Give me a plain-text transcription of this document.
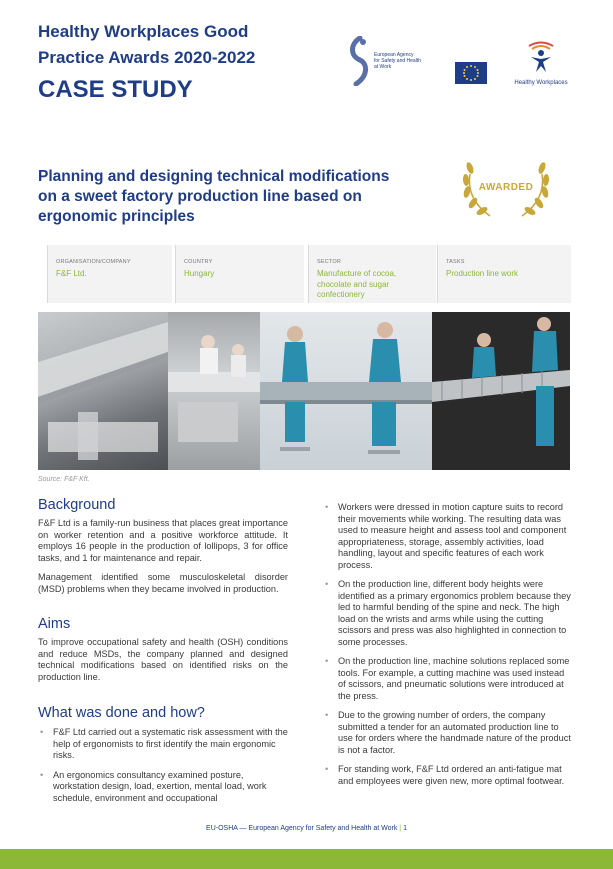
Healthy Workplaces Good
Practice Awards 2020-2022
CASE STUDY
European Agency
for Safety and Health
at Work
Healthy Workplaces
Planning and designing technical modifications
on a sweet factory production line based on
ergonomic principles
AWARDED
ORGANISATION/COMPANY
F&F Ltd.
COUNTRY
Hungary
SECTOR
Manufacture of cocoa, chocolate and sugar confectionery
TASKS
Production line work
Source: F&F Kft.
Background
F&F Ltd is a family-run business that places great importance on worker retention and a positive workforce attitude. It employs 16 people in the production of lollipops, 3 for office tasks, and 1 for maintenance and repair.
Management identified some musculoskeletal disorder (MSD) problems when they became involved in production.
Aims
To improve occupational safety and health (OSH) conditions and reduce MSDs, the company planned and designed technical modifications based on identified risks on the production line.
What was done and how?
• F&F Ltd carried out a systematic risk assessment with the help of ergonomists to first identify the main ergonomic risks.
• An ergonomics consultancy examined posture, workstation design, load, exertion, mental load, work schedule, environment and occupational
• Workers were dressed in motion capture suits to record their movements while working. The resulting data was used to measure height and assess tool and component appropriateness, storage, assembly activities, load handling, layout and specific features of each work process.
• On the production line, different body heights were identified as a primary ergonomics problem because they led to harmful bending of the spine and neck. The high load on the wrists and arms while using the cutting scissors and press was also highlighted in connection to some processes.
• On the production line, machine solutions replaced some tools. For example, a cutting machine was used instead of scissors, and pneumatic solutions were introduced at the press.
• Due to the growing number of orders, the company submitted a tender for an automated production line to use for orders where the handmade nature of the product is not a factor.
• For standing work, F&F Ltd ordered an anti-fatigue mat and employees were given new, more optimal footwear.
EU-OSHA — European Agency for Safety and Health at Work | 1
